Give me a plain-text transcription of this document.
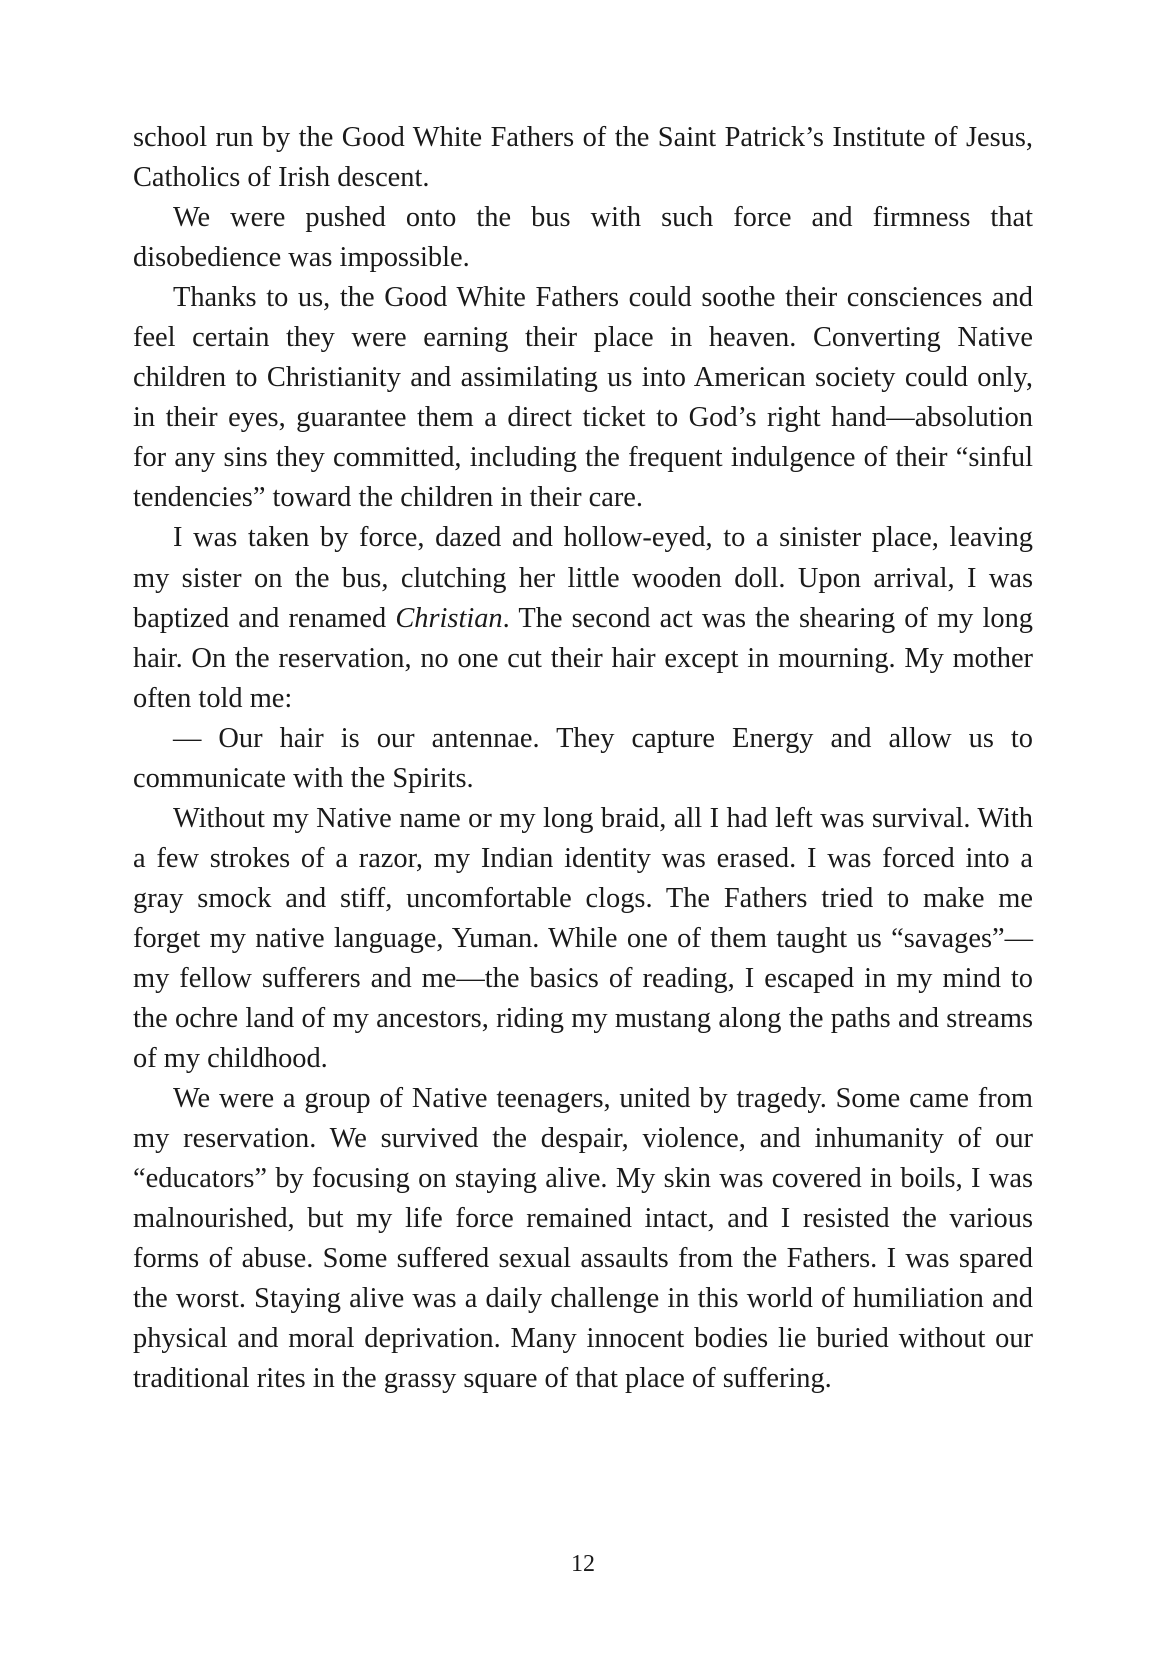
school run by the Good White Fathers of the Saint Patrick’s Institute of Jesus, Catholics of Irish descent.

We were pushed onto the bus with such force and firmness that disobedience was impossible.

Thanks to us, the Good White Fathers could soothe their consciences and feel certain they were earning their place in heaven. Converting Native children to Christianity and assimilating us into American society could only, in their eyes, guarantee them a direct ticket to God’s right hand—absolution for any sins they committed, including the frequent indulgence of their “sinful tendencies” toward the children in their care.

I was taken by force, dazed and hollow-eyed, to a sinister place, leaving my sister on the bus, clutching her little wooden doll. Upon arrival, I was baptized and renamed Christian. The second act was the shearing of my long hair. On the reservation, no one cut their hair except in mourning. My mother often told me:

— Our hair is our antennae. They capture Energy and allow us to communicate with the Spirits.

Without my Native name or my long braid, all I had left was survival. With a few strokes of a razor, my Indian identity was erased. I was forced into a gray smock and stiff, uncomfortable clogs. The Fathers tried to make me forget my native language, Yuman. While one of them taught us “savages”—my fellow sufferers and me—the basics of reading, I escaped in my mind to the ochre land of my ancestors, riding my mustang along the paths and streams of my childhood.

We were a group of Native teenagers, united by tragedy. Some came from my reservation. We survived the despair, violence, and inhumanity of our “educators” by focusing on staying alive. My skin was covered in boils, I was malnourished, but my life force remained intact, and I resisted the various forms of abuse. Some suffered sexual assaults from the Fathers. I was spared the worst. Staying alive was a daily challenge in this world of humiliation and physical and moral deprivation. Many innocent bodies lie buried without our traditional rites in the grassy square of that place of suffering.

12
